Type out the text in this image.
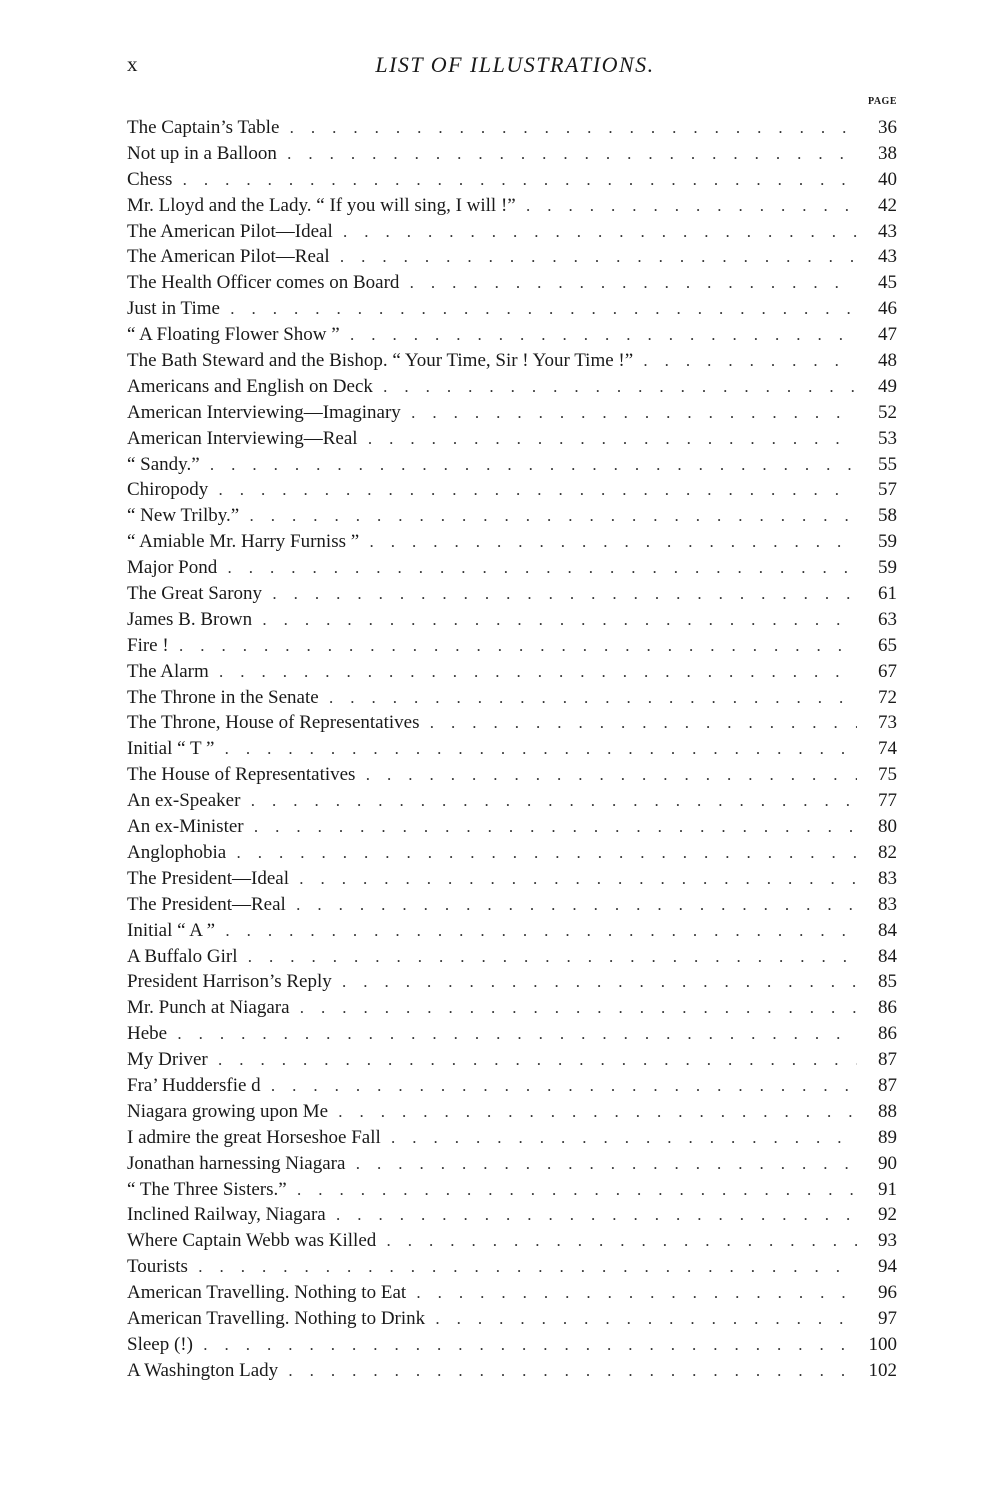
x	LIST OF ILLUSTRATIONS.
PAGE
The Captain’s Table .	36
Not up in a Balloon .	38
Chess .	40
Mr. Lloyd and the Lady. “ If you will sing, I will !” .	42
The American Pilot—Ideal .	43
The American Pilot—Real .	43
The Health Officer comes on Board .	45
Just in Time .	46
“ A Floating Flower Show ” .	47
The Bath Steward and the Bishop. “ Your Time, Sir ! Your Time !” .	48
Americans and English on Deck .	49
American Interviewing—Imaginary .	52
American Interviewing—Real .	53
“ Sandy.” .	55
Chiropody .	57
“ New Trilby.” .	58
“ Amiable Mr. Harry Furniss ” .	59
Major Pond .	59
The Great Sarony .	61
James B. Brown .	63
Fire ! .	65
The Alarm .	67
The Throne in the Senate .	72
The Throne, House of Representatives .	73
Initial “ T ” .	74
The House of Representatives .	75
An ex-Speaker .	77
An ex-Minister .	80
Anglophobia .	82
The President—Ideal .	83
The President—Real .	83
Initial “ A ” .	84
A Buffalo Girl .	84
President Harrison’s Reply .	85
Mr. Punch at Niagara .	86
Hebe .	86
My Driver .	87
Fra’ Huddersfie d .	87
Niagara growing upon Me .	88
I admire the great Horseshoe Fall .	89
Jonathan harnessing Niagara .	90
“ The Three Sisters.” .	91
Inclined Railway, Niagara .	92
Where Captain Webb was Killed .	93
Tourists .	94
American Travelling. Nothing to Eat .	96
American Travelling. Nothing to Drink .	97
Sleep (!) .	100
A Washington Lady .	102
